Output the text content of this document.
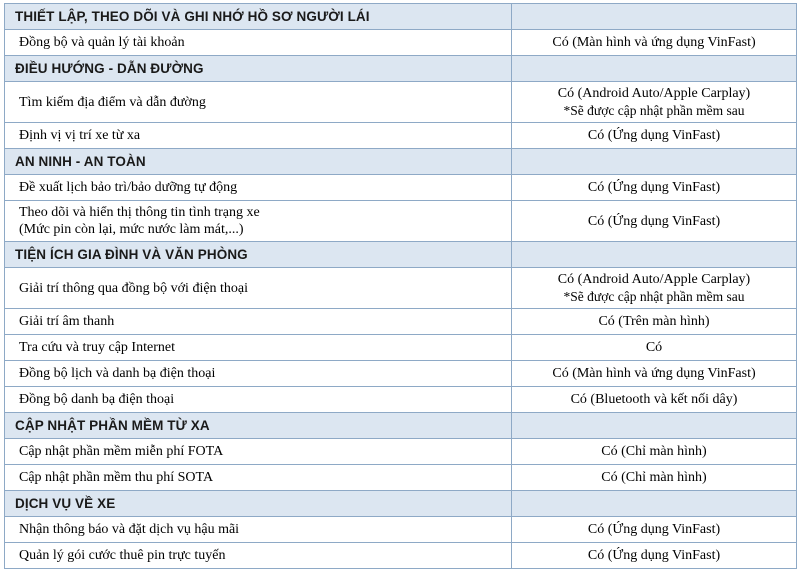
THIẾT LẬP, THEO DÕI VÀ GHI NHỚ HỒ SƠ NGƯỜI LÁI	
Đồng bộ và quản lý tài khoản	Có (Màn hình và ứng dụng VinFast)
ĐIỀU HƯỚNG - DẪN ĐƯỜNG	
Tìm kiếm địa điểm và dẫn đường	Có (Android Auto/Apple Carplay)
*Sẽ được cập nhật phần mềm sau

Định vị vị trí xe từ xa	Có (Ứng dụng VinFast)
AN NINH - AN TOÀN	
Đề xuất lịch bảo trì/bảo dưỡng tự động	Có (Ứng dụng VinFast)
Theo dõi và hiển thị thông tin tình trạng xe
(Mức pin còn lại, mức nước làm mát,...)	Có (Ứng dụng VinFast)
TIỆN ÍCH GIA ĐÌNH VÀ VĂN PHÒNG	
Giải trí thông qua đồng bộ với điện thoại	Có (Android Auto/Apple Carplay)
*Sẽ được cập nhật phần mềm sau

Giải trí âm thanh	Có (Trên màn hình)
Tra cứu và truy cập Internet	Có
Đồng bộ lịch và danh bạ điện thoại	Có (Màn hình và ứng dụng VinFast)
Đồng bộ danh bạ điện thoại	Có (Bluetooth và kết nối dây)
CẬP NHẬT PHẦN MỀM TỪ XA	
Cập nhật phần mềm miễn phí FOTA	Có (Chỉ màn hình)
Cập nhật phần mềm thu phí SOTA	Có (Chỉ màn hình)
DỊCH VỤ VỀ XE	
Nhận thông báo và đặt dịch vụ hậu mãi	Có (Ứng dụng VinFast)
Quản lý gói cước thuê pin trực tuyến	Có (Ứng dụng VinFast)
